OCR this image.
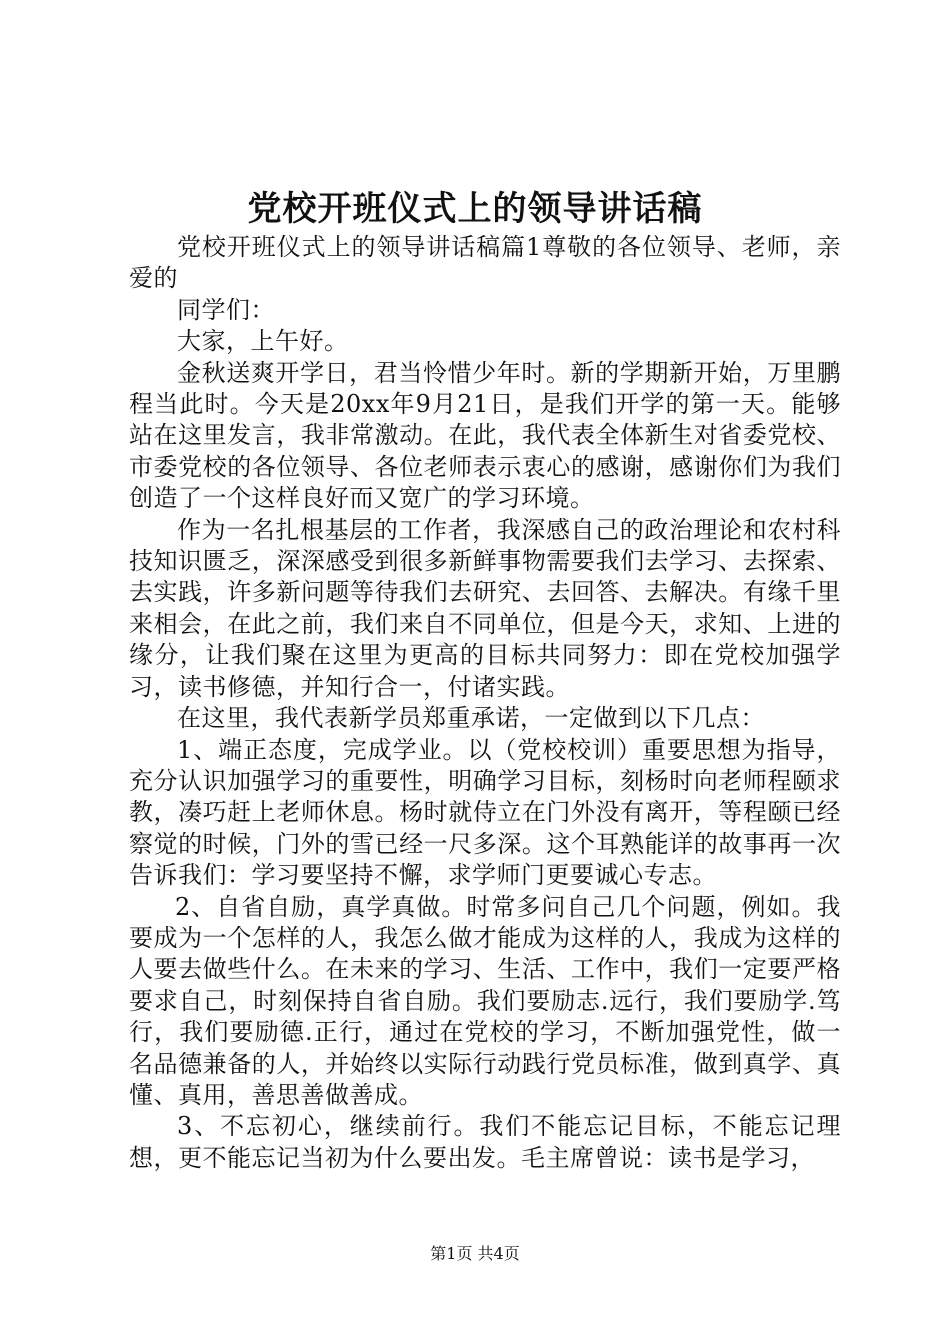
党校开班仪式上的领导讲话稿

党校开班仪式上的领导讲话稿篇1尊敬的各位领导、老师，亲爱的

同学们：

大家，上午好。

金秋送爽开学日，君当怜惜少年时。新的学期新开始，万里鹏程当此时。今天是20xx年9月21日，是我们开学的第一天。能够站在这里发言，我非常激动。在此，我代表全体新生对省委党校、市委党校的各位领导、各位老师表示衷心的感谢，感谢你们为我们创造了一个这样良好而又宽广的学习环境。

作为一名扎根基层的工作者，我深感自己的政治理论和农村科技知识匮乏，深深感受到很多新鲜事物需要我们去学习、去探索、去实践，许多新问题等待我们去研究、去回答、去解决。有缘千里来相会，在此之前，我们来自不同单位，但是今天，求知、上进的缘分，让我们聚在这里为更高的目标共同努力：即在党校加强学习，读书修德，并知行合一，付诸实践。

在这里，我代表新学员郑重承诺，一定做到以下几点：

1、端正态度，完成学业。以（党校校训）重要思想为指导，充分认识加强学习的重要性，明确学习目标，刻杨时向老师程颐求教，凑巧赶上老师休息。杨时就侍立在门外没有离开，等程颐已经察觉的时候，门外的雪已经一尺多深。这个耳熟能详的故事再一次告诉我们：学习要坚持不懈，求学师门更要诚心专志。

2、自省自励，真学真做。时常多问自己几个问题，例如。我要成为一个怎样的人，我怎么做才能成为这样的人，我成为这样的人要去做些什么。在未来的学习、生活、工作中，我们一定要严格要求自己，时刻保持自省自励。我们要励志.远行，我们要励学.笃行，我们要励德.正行，通过在党校的学习，不断加强党性，做一名品德兼备的人，并始终以实际行动践行党员标准，做到真学、真懂、真用，善思善做善成。

3、不忘初心，继续前行。我们不能忘记目标，不能忘记理想，更不能忘记当初为什么要出发。毛主席曾说：读书是学习，

第1页 共4页
